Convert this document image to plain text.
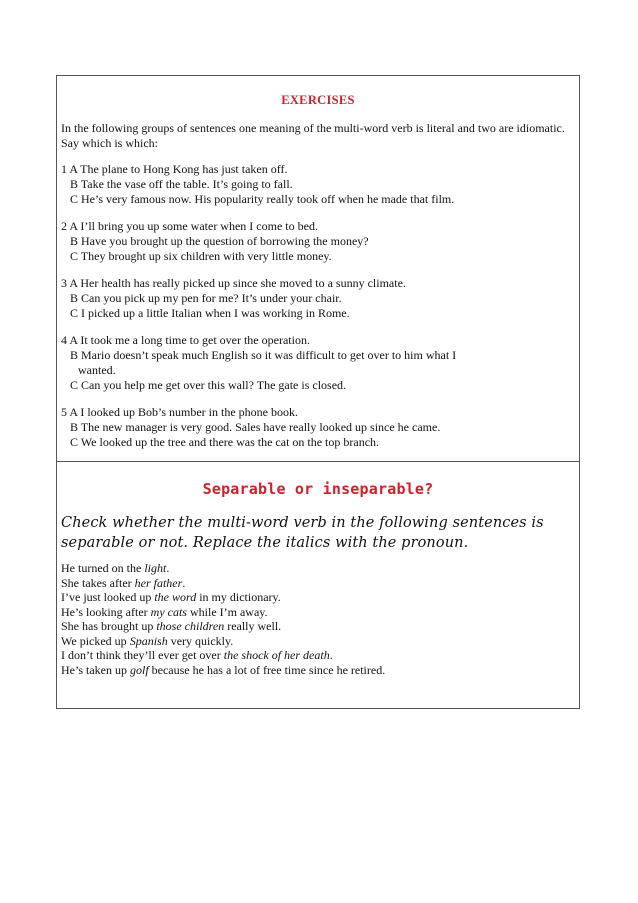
EXERCISES
In the following groups of sentences one meaning of the multi-word verb is literal and two are idiomatic. Say which is which:
1 A The plane to Hong Kong has just taken off.
B Take the vase off the table. It’s going to fall.
C He’s very famous now. His popularity really took off when he made that film.
2 A I’ll bring you up some water when I come to bed.
B Have you brought up the question of borrowing the money?
C They brought up six children with very little money.
3 A Her health has really picked up since she moved to a sunny climate.
B Can you pick up my pen for me? It’s under your chair.
C I picked up a little Italian when I was working in Rome.
4 A It took me a long time to get over the operation.
B Mario doesn’t speak much English so it was difficult to get over to him what I
wanted.
C Can you help me get over this wall? The gate is closed.
5 A I looked up Bob’s number in the phone book.
B The new manager is very good. Sales have really looked up since he came.
C We looked up the tree and there was the cat on the top branch.
Separable or inseparable?
Check whether the multi-word verb in the following sentences is separable or not. Replace the italics with the pronoun.
He turned on the light.
She takes after her father.
I’ve just looked up the word in my dictionary.
He’s looking after my cats while I’m away.
She has brought up those children really well.
We picked up Spanish very quickly.
I don’t think they’ll ever get over the shock of her death.
He’s taken up golf because he has a lot of free time since he retired.
